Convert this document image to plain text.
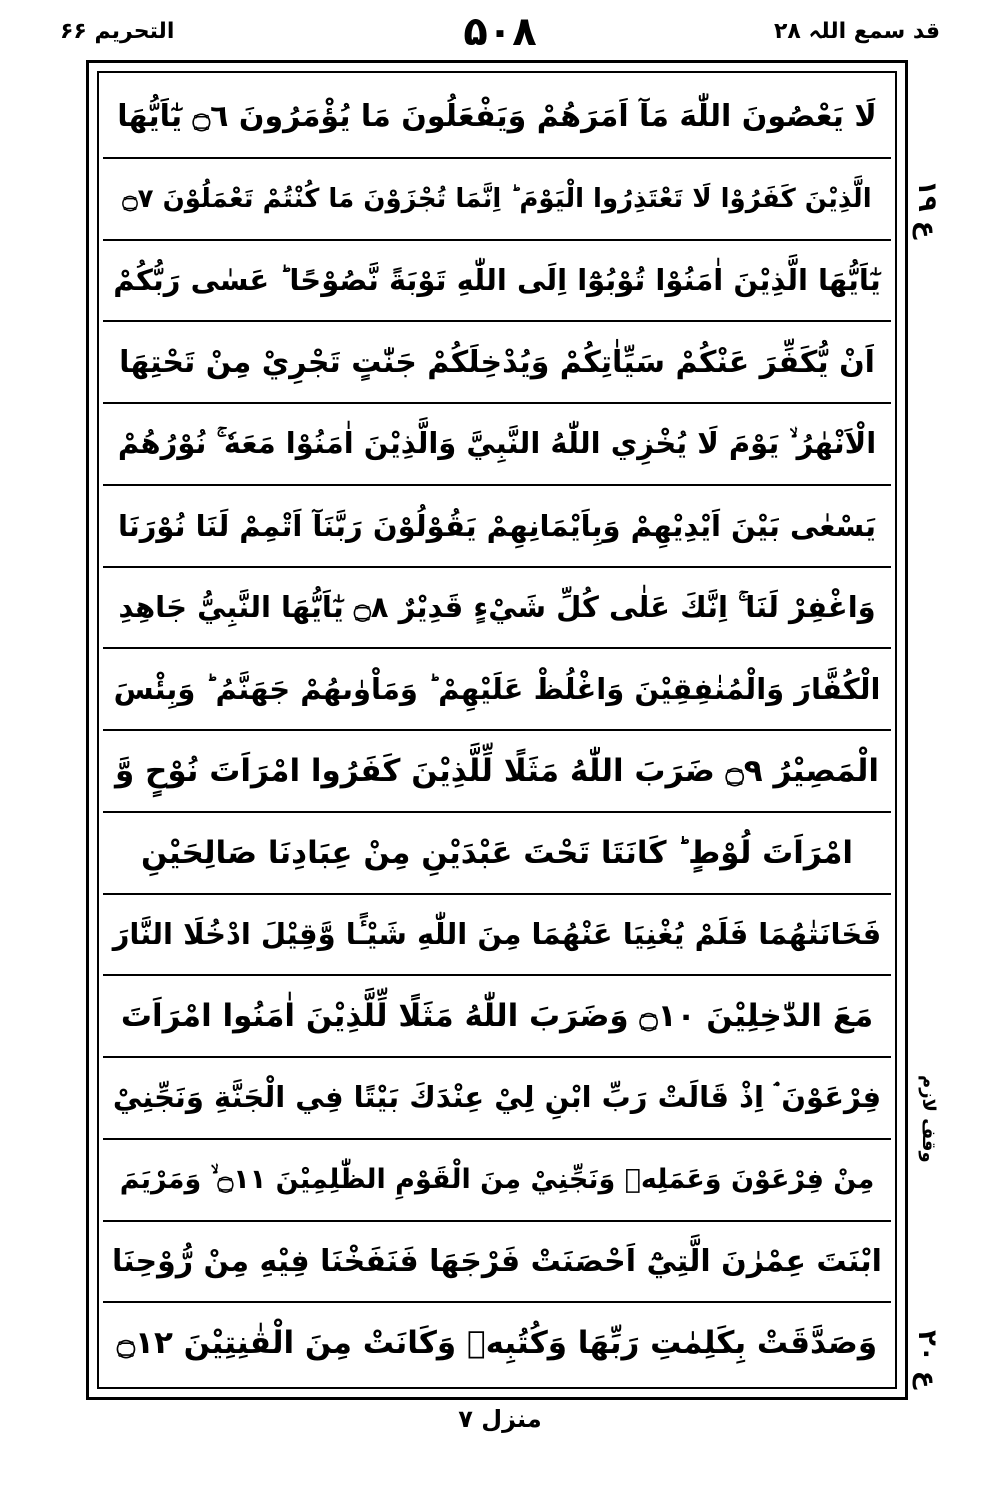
التحریم ۶۶	۵۰۸	قد سمع اللہ ۲۸
لَا يَعْصُونَ اللّٰهَ مَآ اَمَرَهُمْ وَيَفْعَلُونَ مَا يُؤْمَرُونَ ۝٦ يٰٓاَيُّهَا
الَّذِيْنَ كَفَرُوْا لَا تَعْتَذِرُوا الْيَوْمَ ؕ اِنَّمَا تُجْزَوْنَ مَا كُنْتُمْ تَعْمَلُوْنَ ۝٧
يٰٓاَيُّهَا الَّذِيْنَ اٰمَنُوْا تُوْبُوْٓا اِلَى اللّٰهِ تَوْبَةً نَّصُوْحًا ؕ عَسٰى رَبُّكُمْ
اَنْ يُّكَفِّرَ عَنْكُمْ سَيِّاٰتِكُمْ وَيُدْخِلَكُمْ جَنّٰتٍ تَجْرِيْ مِنْ تَحْتِهَا
الْاَنْهٰرُ ۙ يَوْمَ لَا يُخْزِي اللّٰهُ النَّبِيَّ وَالَّذِيْنَ اٰمَنُوْا مَعَهٗ ۚ نُوْرُهُمْ
يَسْعٰى بَيْنَ اَيْدِيْهِمْ وَبِاَيْمَانِهِمْ يَقُوْلُوْنَ رَبَّنَآ اَتْمِمْ لَنَا نُوْرَنَا
وَاغْفِرْ لَنَا ۚ اِنَّكَ عَلٰى كُلِّ شَيْءٍ قَدِيْرٌ ۝٨ يٰٓاَيُّهَا النَّبِيُّ جَاهِدِ
الْكُفَّارَ وَالْمُنٰفِقِيْنَ وَاغْلُظْ عَلَيْهِمْ ؕ وَمَاْوٰىهُمْ جَهَنَّمُ ؕ وَبِئْسَ
الْمَصِيْرُ ۝٩ ضَرَبَ اللّٰهُ مَثَلًا لِّلَّذِيْنَ كَفَرُوا امْرَاَتَ نُوْحٍ وَّ
امْرَاَتَ لُوْطٍ ؕ كَانَتَا تَحْتَ عَبْدَيْنِ مِنْ عِبَادِنَا صَالِحَيْنِ
فَخَانَتٰهُمَا فَلَمْ يُغْنِيَا عَنْهُمَا مِنَ اللّٰهِ شَيْـًٔا وَّقِيْلَ ادْخُلَا النَّارَ
مَعَ الدّٰخِلِيْنَ ۝١٠ وَضَرَبَ اللّٰهُ مَثَلًا لِّلَّذِيْنَ اٰمَنُوا امْرَاَتَ
فِرْعَوْنَ ۘ اِذْ قَالَتْ رَبِّ ابْنِ لِيْ عِنْدَكَ بَيْتًا فِي الْجَنَّةِ وَنَجِّنِيْ
مِنْ فِرْعَوْنَ وَعَمَلِهٖ وَنَجِّنِيْ مِنَ الْقَوْمِ الظّٰلِمِيْنَ ۝١١ ۙ وَمَرْيَمَ
ابْنَتَ عِمْرٰنَ الَّتِيْٓ اَحْصَنَتْ فَرْجَهَا فَنَفَخْنَا فِيْهِ مِنْ رُّوْحِنَا
وَصَدَّقَتْ بِكَلِمٰتِ رَبِّهَا وَكُتُبِهٖ وَكَانَتْ مِنَ الْقٰنِتِيْنَ ۝١٢
ع ۱۹
وقف لازم
ع ۲۰
منزل ۷
